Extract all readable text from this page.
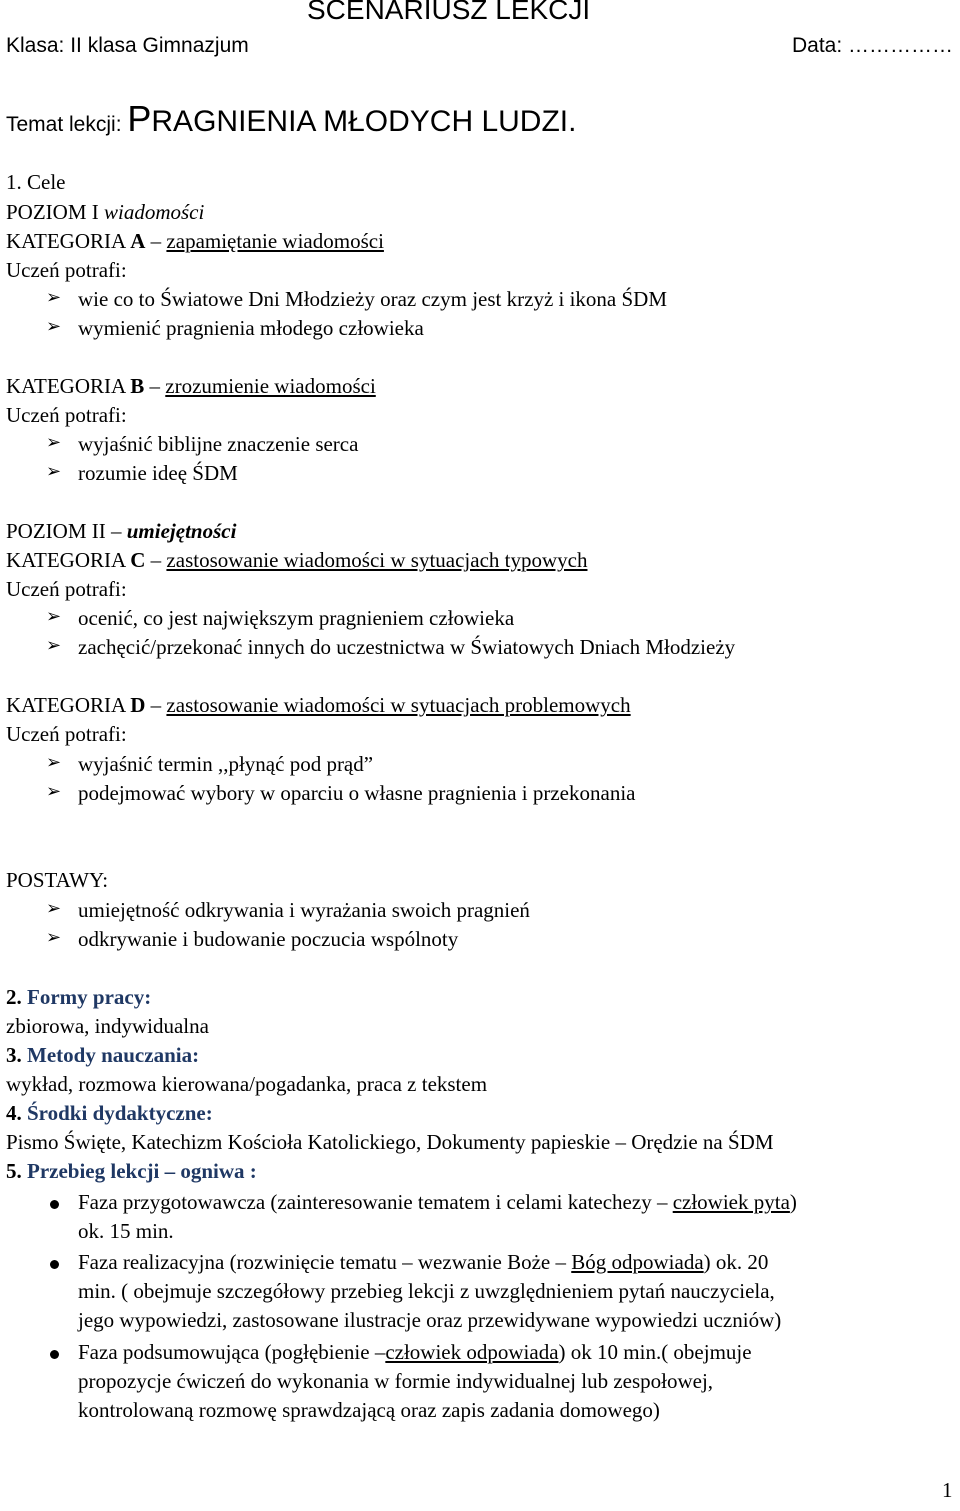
SCENARIUSZ LEKCJI
Klasa: II klasa Gimnazjum	Data: ……………
Temat lekcji: PRAGNIENIA MŁODYCH LUDZI.
1. Cele
POZIOM I wiadomości
KATEGORIA A – zapamiętanie wiadomości
Uczeń potrafi:
➢ wie co to Światowe Dni Młodzieży oraz czym jest krzyż i ikona ŚDM
➢ wymienić pragnienia młodego człowieka
KATEGORIA B – zrozumienie wiadomości
Uczeń potrafi:
➢ wyjaśnić biblijne znaczenie serca
➢ rozumie ideę ŚDM
POZIOM II – umiejętności
KATEGORIA C – zastosowanie wiadomości w sytuacjach typowych
Uczeń potrafi:
➢ ocenić, co jest największym pragnieniem człowieka
➢ zachęcić/przekonać innych do uczestnictwa w Światowych Dniach Młodzieży
KATEGORIA D – zastosowanie wiadomości w sytuacjach problemowych
Uczeń potrafi:
➢ wyjaśnić termin ,,płynąć pod prąd”
➢ podejmować wybory w oparciu o własne pragnienia i przekonania
POSTAWY:
➢ umiejętność odkrywania i wyrażania swoich pragnień
➢ odkrywanie i budowanie poczucia wspólnoty
2. Formy pracy:
zbiorowa, indywidualna
3. Metody nauczania:
wykład, rozmowa kierowana/pogadanka, praca z tekstem
4. Środki dydaktyczne:
Pismo Święte, Katechizm Kościoła Katolickiego, Dokumenty papieskie – Orędzie na ŚDM
5. Przebieg lekcji – ogniwa :
Faza przygotowawcza (zainteresowanie tematem i celami katechezy – człowiek pyta)
ok. 15 min.
Faza realizacyjna (rozwinięcie tematu – wezwanie Boże – Bóg odpowiada) ok. 20
min. ( obejmuje szczegółowy przebieg lekcji z uwzględnieniem pytań nauczyciela,
jego wypowiedzi, zastosowane ilustracje oraz przewidywane wypowiedzi uczniów)
Faza podsumowująca (pogłębienie –człowiek odpowiada) ok 10 min.( obejmuje
propozycje ćwiczeń do wykonania w formie indywidualnej lub zespołowej,
kontrolowaną rozmowę sprawdzającą oraz zapis zadania domowego)
1
